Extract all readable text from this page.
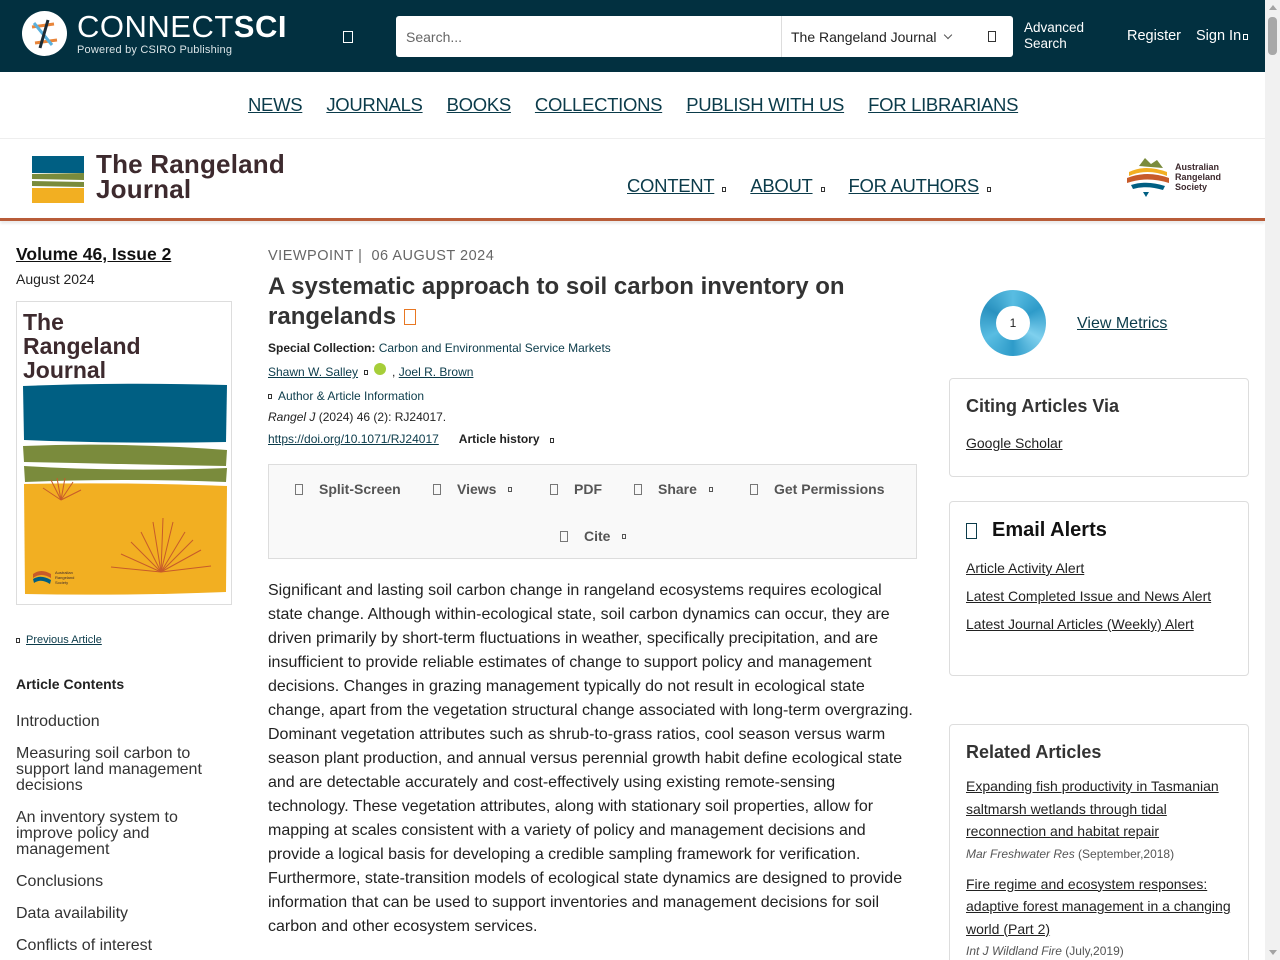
CONNECTSCI
Powered by CSIRO Publishing
Search...
The Rangeland Journal
Advanced
Search	Register Sign In
NEWS JOURNALS BOOKS COLLECTIONS PUBLISH WITH US FOR LIBRARIANS
The Rangeland
Journal	CONTENT ABOUT FOR AUTHORS
Australian
Rangeland
Society
Volume 46, Issue 2
August 2024
The
Rangeland
Journal
Australian
Rangeland
Society
Previous Article
Article Contents
Introduction
Measuring soil carbon to support land management decisions
An inventory system to improve policy and management
Conclusions
Data availability
Conflicts of interest
VIEWPOINT | 06 AUGUST 2024
A systematic approach to soil carbon inventory on rangelands
Special Collection: Carbon and Environmental Service Markets
Shawn W. Salley	, Joel R. Brown
Author & Article Information
Rangel J (2024) 46 (2): RJ24017.
https://doi.org/10.1071/RJ24017 Article history
Split-Screen	Views	PDF	Share	Get Permissions
Cite

Significant and lasting soil carbon change in rangeland ecosystems requires ecological state change. Although within-ecological state, soil carbon dynamics can occur, they are driven primarily by short-term fluctuations in weather, specifically precipitation, and are insufficient to provide reliable estimates of change to support policy and management decisions. Changes in grazing management typically do not result in ecological state change, apart from the vegetation structural change associated with long-term overgrazing. Dominant vegetation attributes such as shrub-to-grass ratios, cool season versus warm season plant production, and annual versus perennial growth habit define ecological state and are detectable accurately and cost-effectively using existing remote-sensing technology. These vegetation attributes, along with stationary soil properties, allow for mapping at scales consistent with a variety of policy and management decisions and provide a logical basis for developing a credible sampling framework for verification. Furthermore, state-transition models of ecological state dynamics are designed to provide information that can be used to support inventories and management decisions for soil carbon and other ecosystem services.

1	View Metrics
Citing Articles Via
Google Scholar
Email Alerts
Article Activity Alert
Latest Completed Issue and News Alert
Latest Journal Articles (Weekly) Alert
Related Articles
Expanding fish productivity in Tasmanian saltmarsh wetlands through tidal reconnection and habitat repair
Mar Freshwater Res (September,2018)
Fire regime and ecosystem responses: adaptive forest management in a changing world (Part 2)
Int J Wildland Fire (July,2019)
